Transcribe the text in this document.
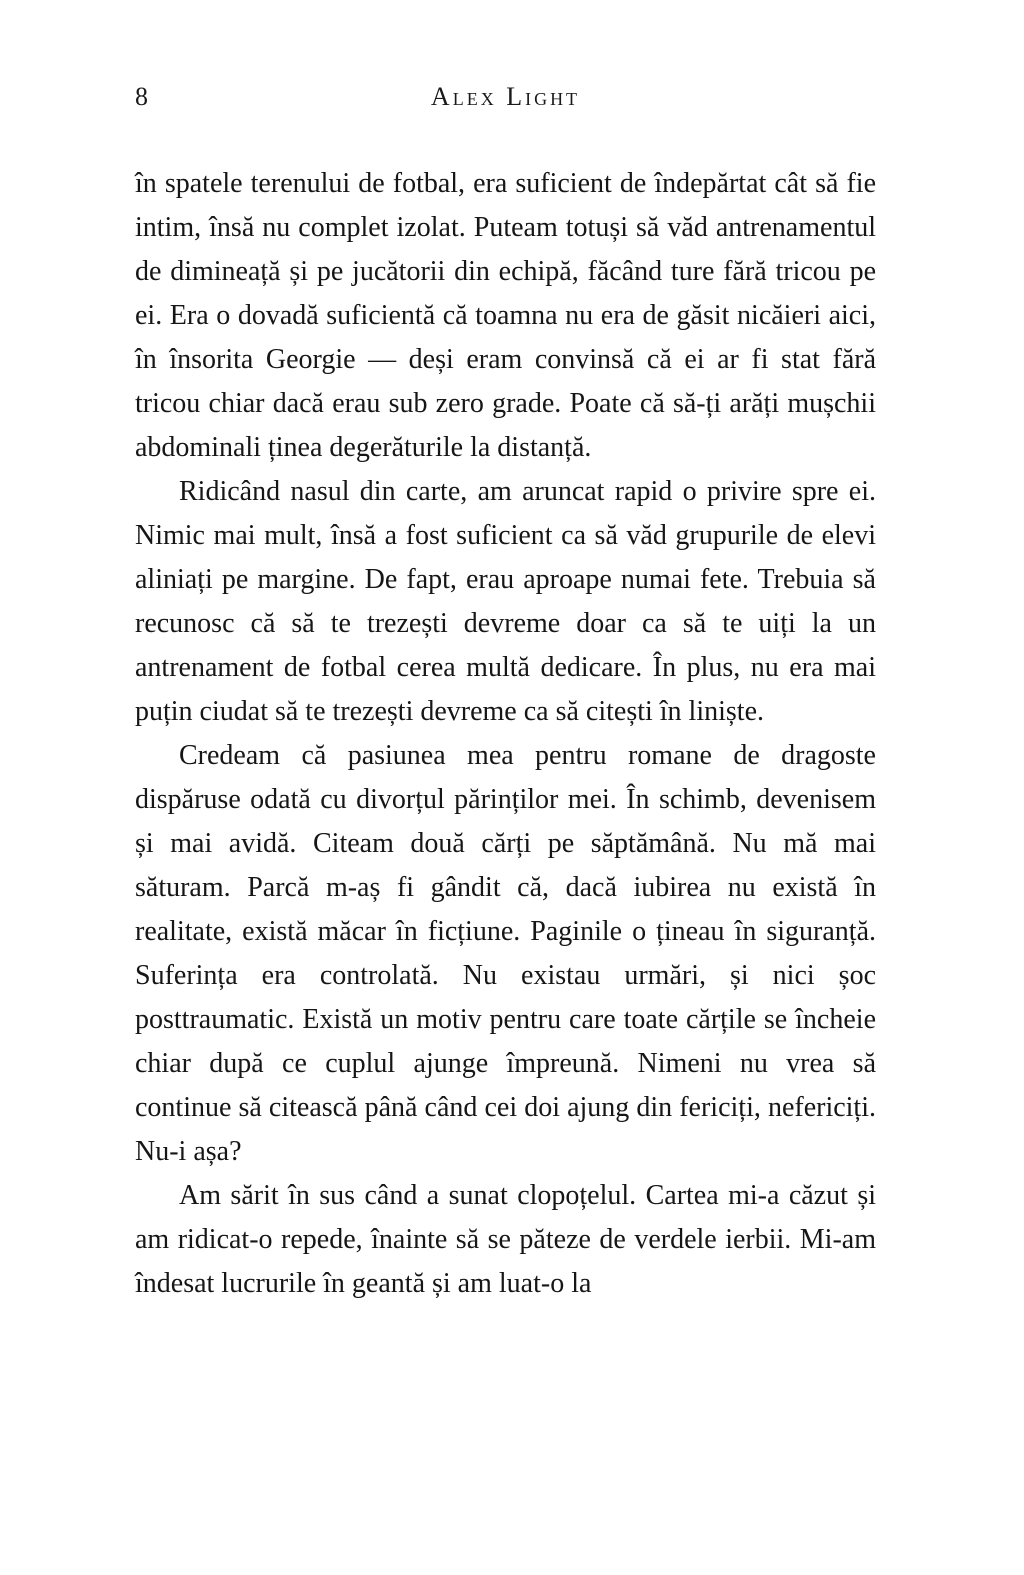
8	Alex Light

în spatele terenului de fotbal, era suficient de îndepărtat cât să fie intim, însă nu complet izolat. Puteam totuși să văd antrenamentul de dimineață și pe jucătorii din echipă, făcând ture fără tricou pe ei. Era o dovadă suficientă că toamna nu era de găsit nicăieri aici, în însorita Georgie — deși eram convinsă că ei ar fi stat fără tricou chiar dacă erau sub zero grade. Poate că să-ți arăți mușchii abdominali ținea degerăturile la distanță.

Ridicând nasul din carte, am aruncat rapid o privire spre ei. Nimic mai mult, însă a fost suficient ca să văd grupurile de elevi aliniați pe margine. De fapt, erau aproape numai fete. Trebuia să recunosc că să te trezești devreme doar ca să te uiți la un antrenament de fotbal cerea multă dedicare. În plus, nu era mai puțin ciudat să te trezești devreme ca să citești în liniște.

Credeam că pasiunea mea pentru romane de dragoste dispăruse odată cu divorțul părinților mei. În schimb, devenisem și mai avidă. Citeam două cărți pe săptămână. Nu mă mai săturam. Parcă m-aș fi gândit că, dacă iubirea nu există în realitate, există măcar în ficțiune. Paginile o țineau în siguranță. Suferința era controlată. Nu existau urmări, și nici șoc posttraumatic. Există un motiv pentru care toate cărțile se încheie chiar după ce cuplul ajunge împreună. Nimeni nu vrea să continue să citească până când cei doi ajung din fericiți, nefericiți. Nu-i așa?

Am sărit în sus când a sunat clopoțelul. Cartea mi-a căzut și am ridicat-o repede, înainte să se păteze de verdele ierbii. Mi-am îndesat lucrurile în geantă și am luat-o la
